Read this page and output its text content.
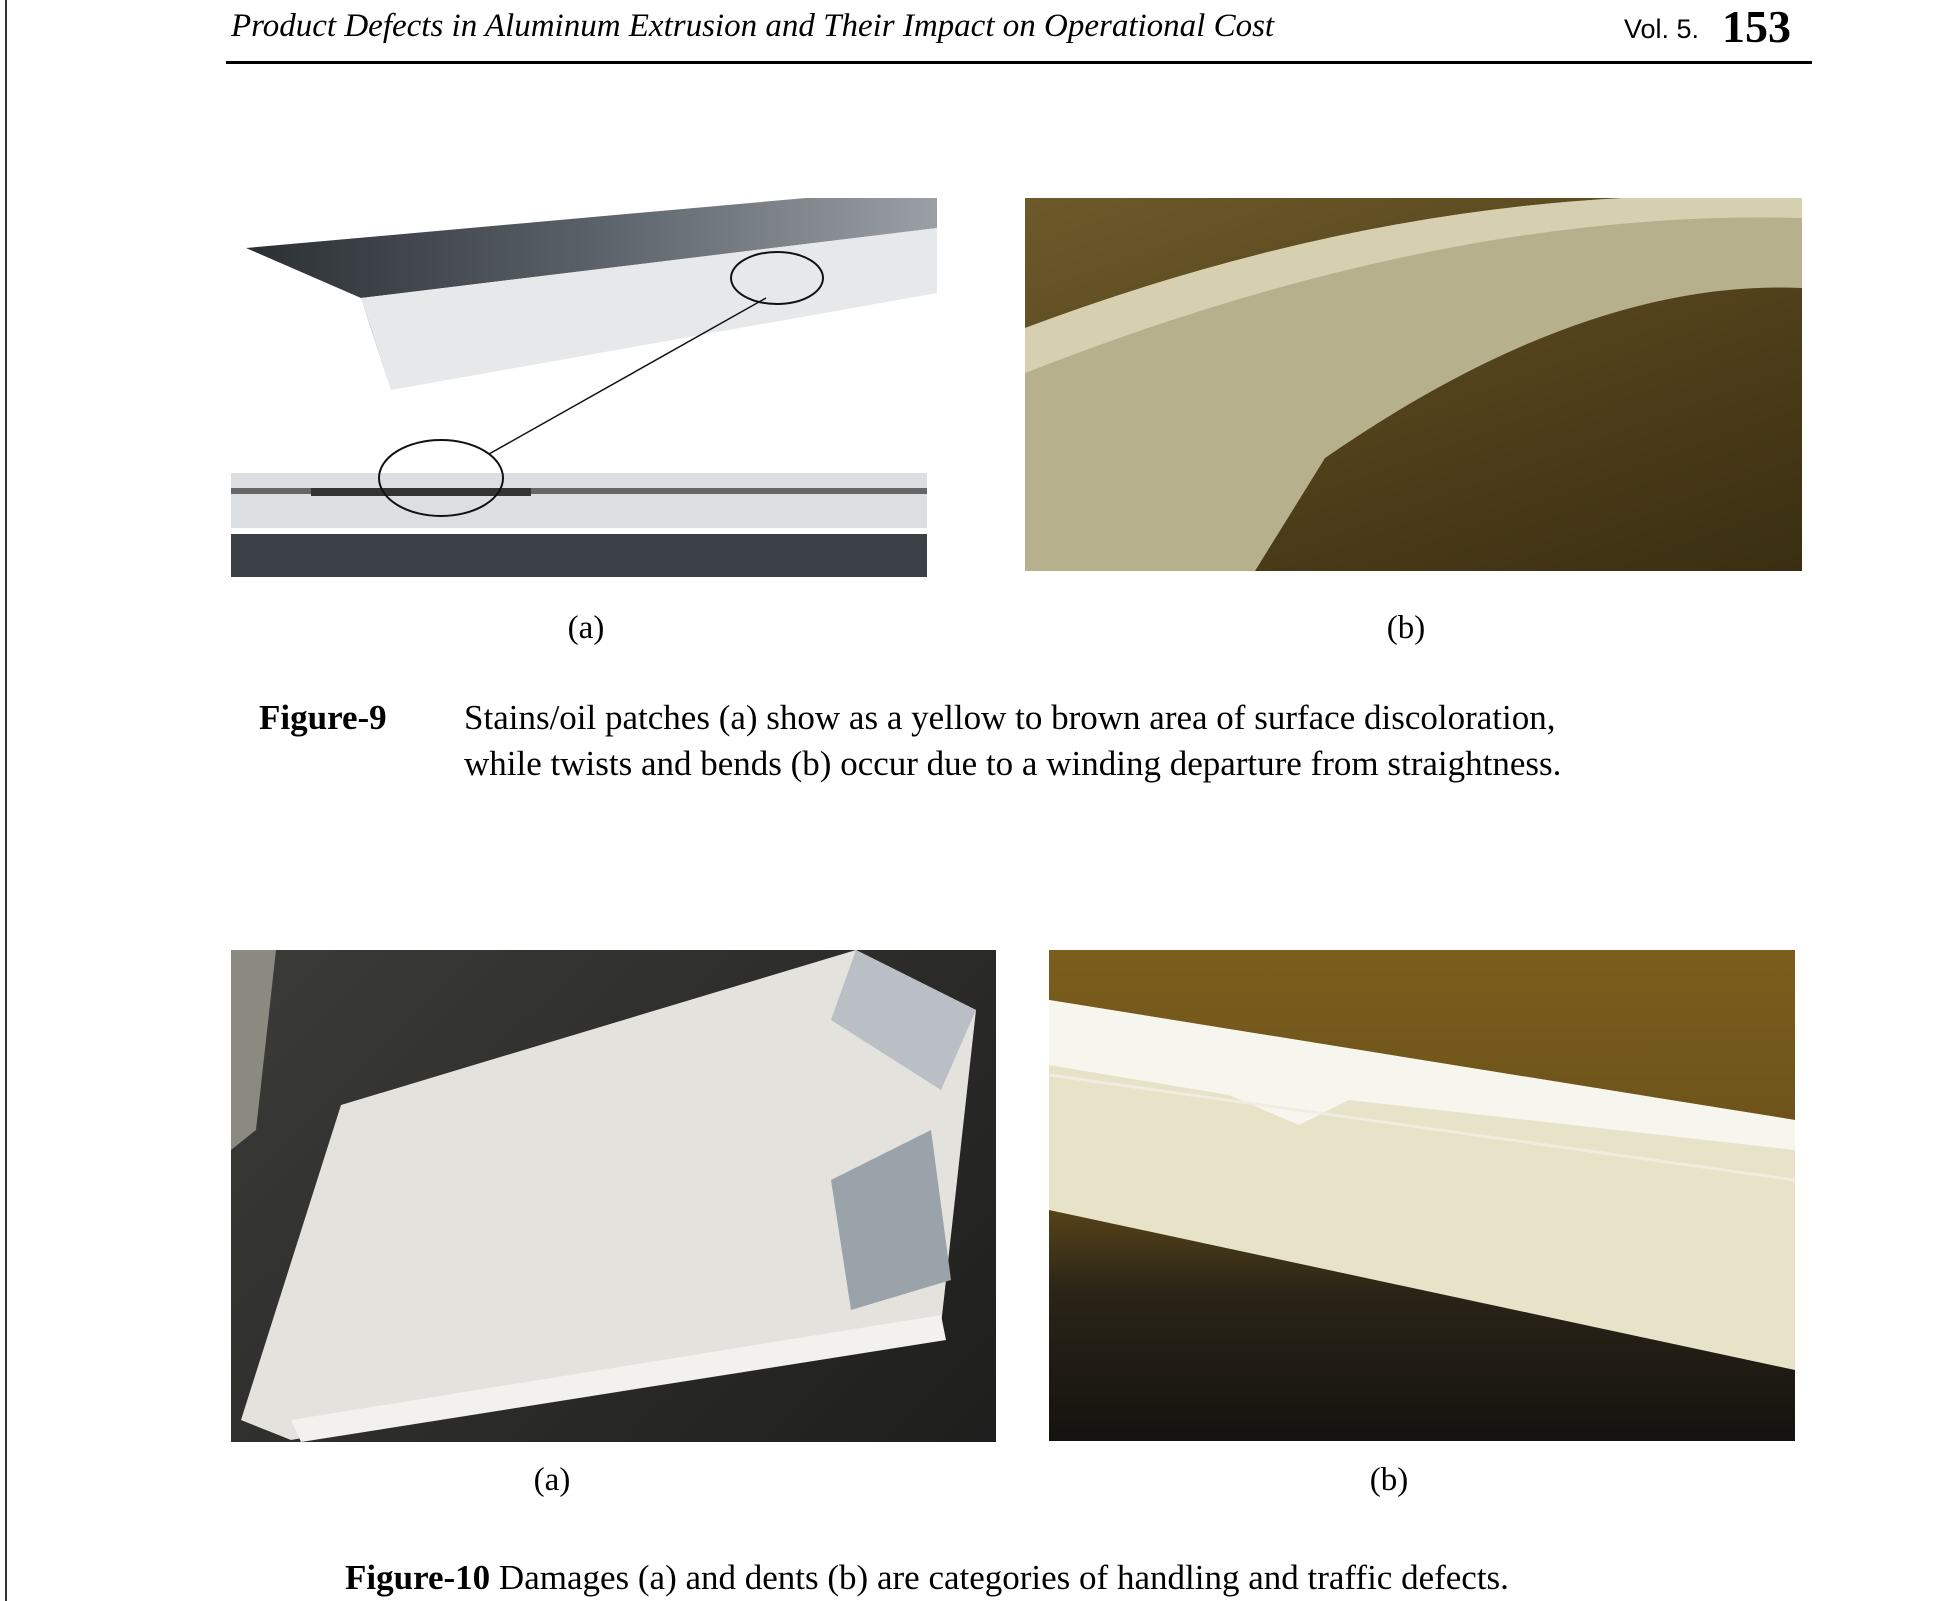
Product Defects in Aluminum Extrusion and Their Impact on Operational Cost	Vol. 5. 153
(a)	(b)
Figure-9 Stains/oil patches (a) show as a yellow to brown area of surface discoloration,
while twists and bends (b) occur due to a winding departure from straightness.
(a)	(b)
Figure-10 Damages (a) and dents (b) are categories of handling and traffic defects.
